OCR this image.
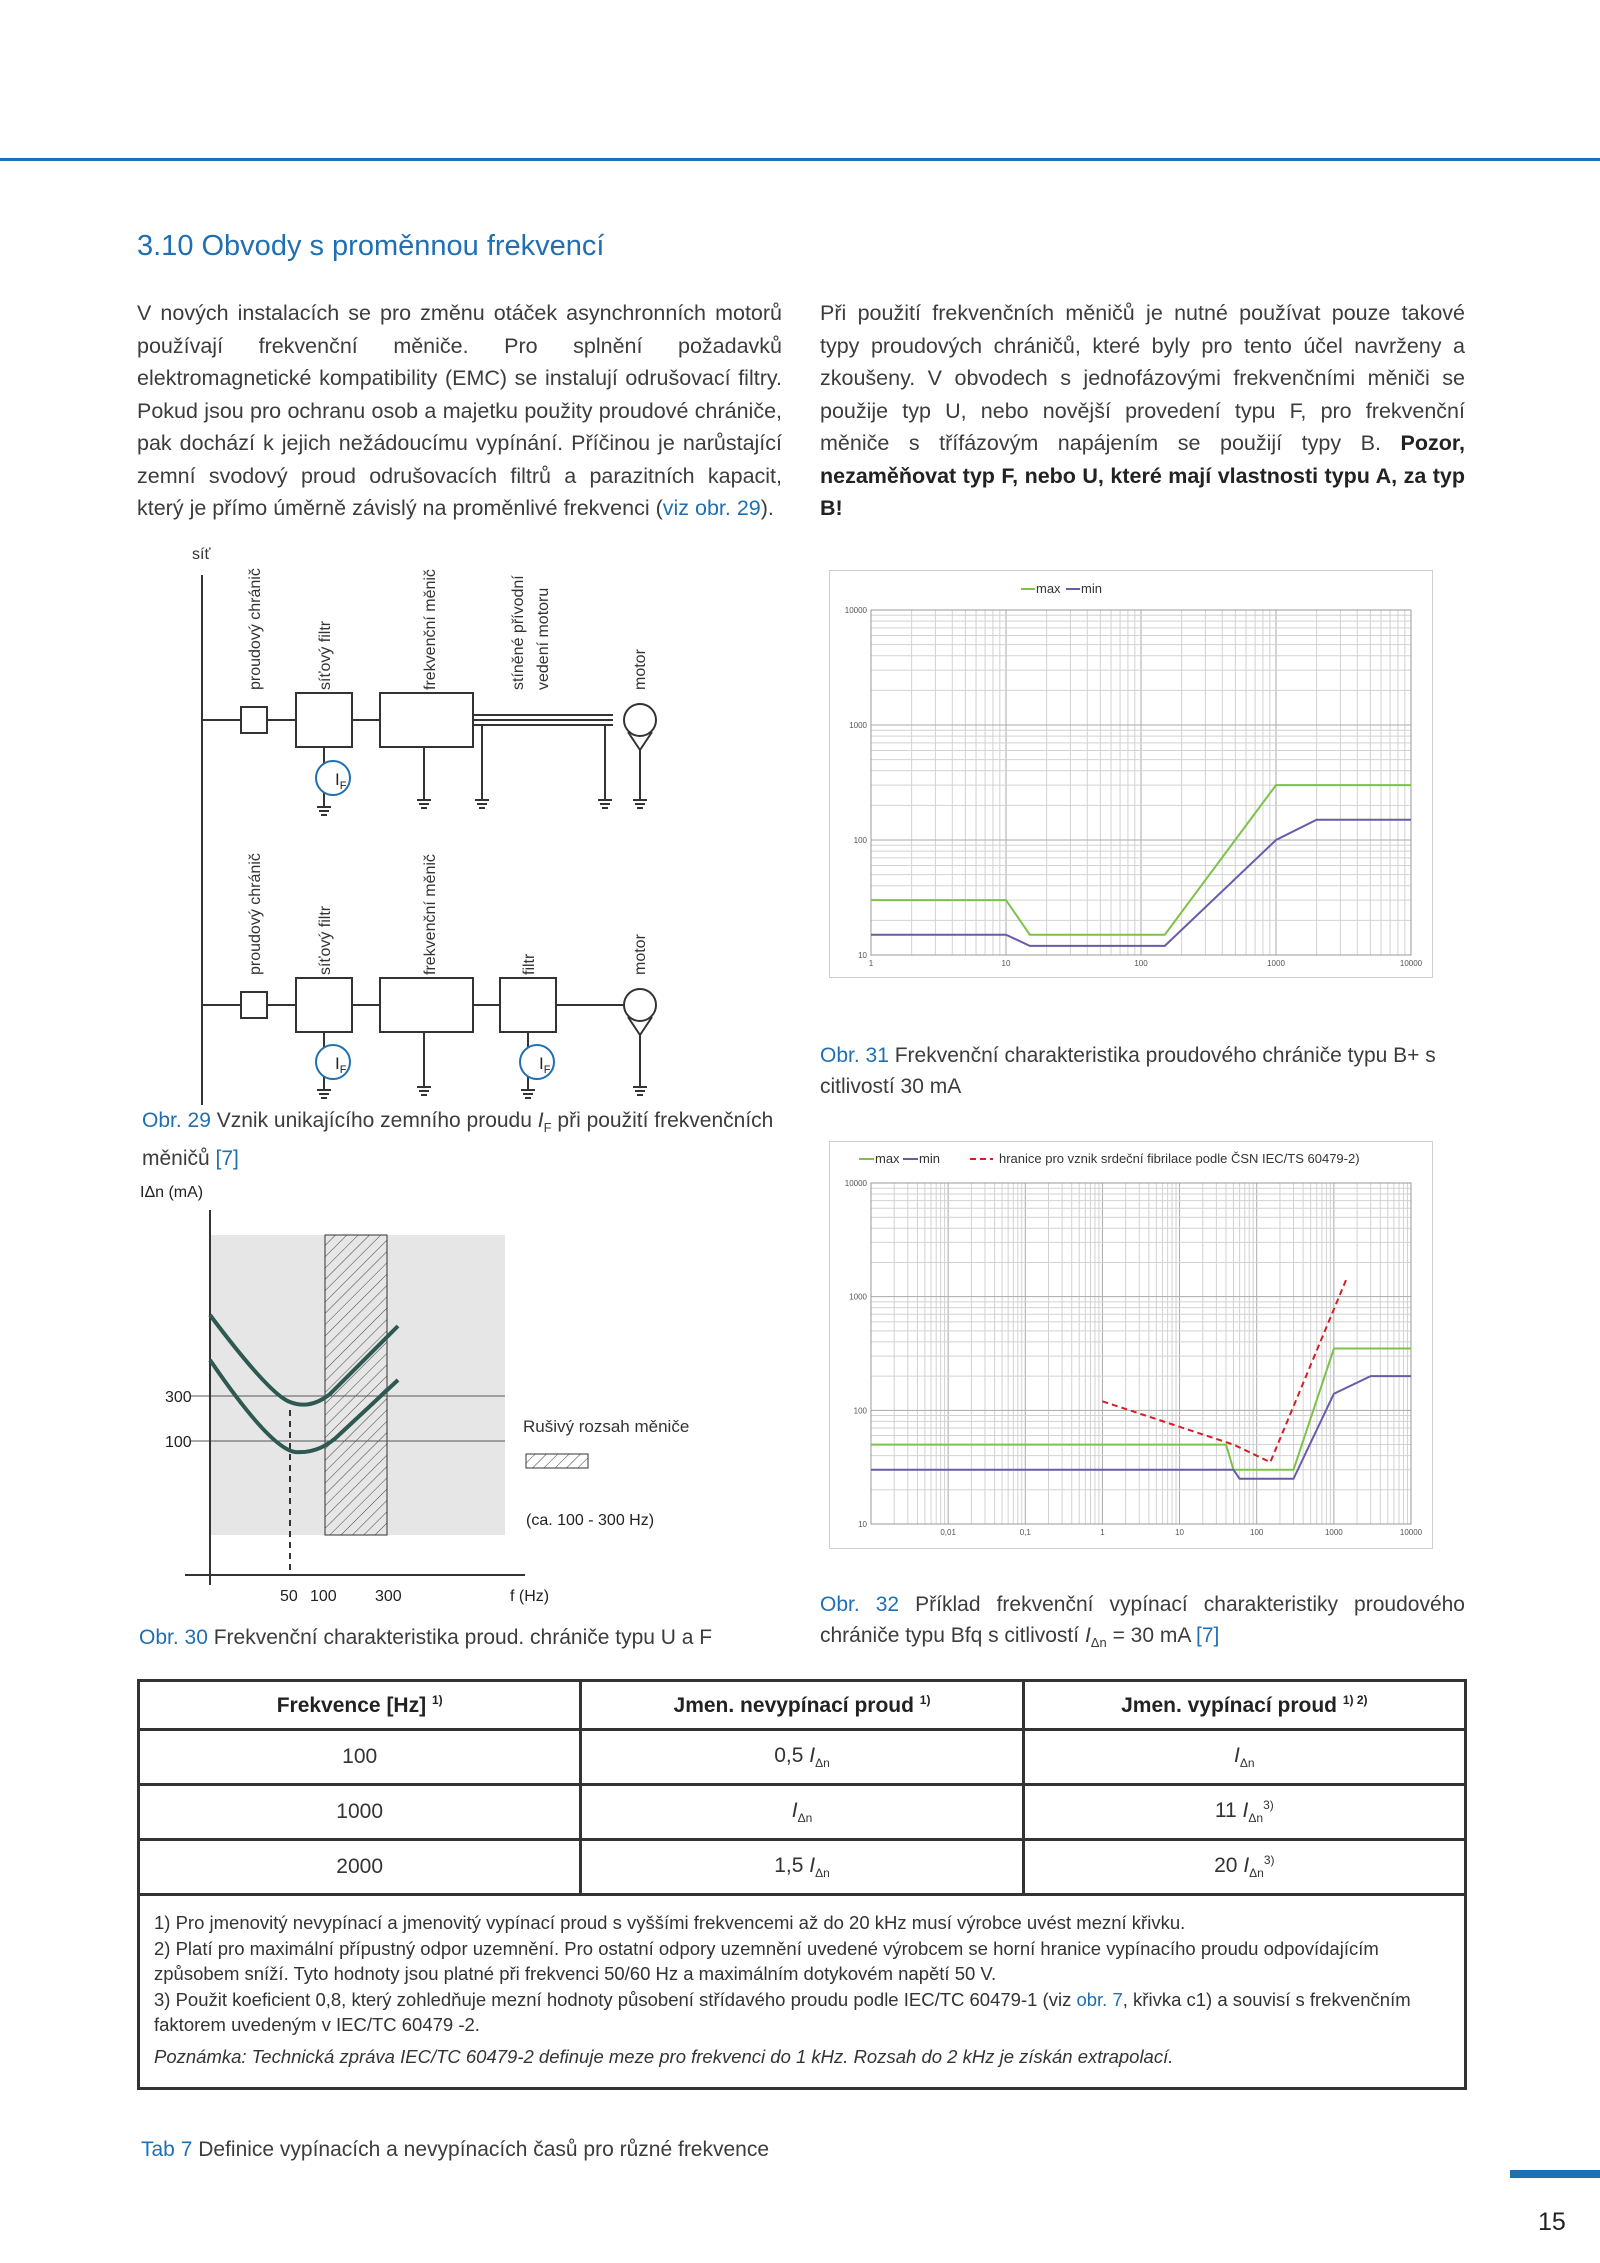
3.10 Obvody s proměnnou frekvencí
V nových instalacích se pro změnu otáček asynchronních motorů používají frekvenční měniče. Pro splnění požadavků elektromagnetické kompatibility (EMC) se instalují odrušovací filtry. Pokud jsou pro ochranu osob a majetku použity proudové chrániče, pak dochází k jejich nežádoucímu vypínání. Příčinou je narůstající zemní svodový proud odrušovacích filtrů a parazitních kapacit, který je přímo úměrně závislý na proměnlivé frekvenci (viz obr. 29).
Při použití frekvenčních měničů je nutné používat pouze takové typy proudových chráničů, které byly pro tento účel navrženy a zkoušeny. V obvodech s jednofázovými frekvenčními měniči se použije typ U, nebo novější provedení typu F, pro frekvenční měniče s třífázovým napájením se použijí typy B. Pozor, nezaměňovat typ F, nebo U, které mají vlastnosti typu A, za typ B!
$I_F$
$I_F$	$I_F$
síť
proudový chránič	síťový filtr	frekvenční měnič	stíněné přívodní vedení motoru	motor
proudový chránič	síťový filtr	frekvenční měnič	filtr	motor
Obr. 29 Vznik unikajícího zemního proudu $I_F$ při použití frekvenčních měničů [7]
IΔn (mA)
300
100
50 100 300	f (Hz)
Rušivý rozsah měniče
(ca. 100 - 300 Hz)
Obr. 30 Frekvenční charakteristika proud. chrániče typu U a F
max min
10000
1000
100
10
1	10	100	1000	10000
Obr. 31 Frekvenční charakteristika proudového chrániče typu B+ s citlivostí 30 mA
max min	hranice pro vznik srdeční fibrilace podle ČSN IEC/TS 60479-2)
10000
1000
100
10
0,01	0,1	1	10	100	1000	10000
Obr. 32 Příklad frekvenční vypínací charakteristiky proudového chrániče typu Bfq s citlivostí $I_{\Delta n} = 30$ mA [7]
Frekvence [Hz] $^{1)}$	Jmen. nevypínací proud $^{1)}$	Jmen. vypínací proud $^{1) 2)}$
100	0,5 $I_{\Delta n}$	$I_{\Delta n}$
1000	$I_{\Delta n}$	11 $I_{\Delta n}^{3)}$
2000	1,5 $I_{\Delta n}$	20 $I_{\Delta n}^{3)}$

1) Pro jmenovitý nevypínací a jmenovitý vypínací proud s vyššími frekvencemi až do 20 kHz musí výrobce uvést mezní křivku.
2) Platí pro maximální přípustný odpor uzemnění. Pro ostatní odpory uzemnění uvedené výrobcem se horní hranice vypínacího proudu odpovídajícím způsobem sníží. Tyto hodnoty jsou platné při frekvenci 50/60 Hz a maximálním dotykovém napětí 50 V.
3) Použit koeficient 0,8, který zohledňuje mezní hodnoty působení střídavého proudu podle IEC/TC 60479-1 (viz obr. 7, křivka c1) a souvisí s frekvenčním faktorem uvedeným v IEC/TC 60479 -2.
Poznámka: Technická zpráva IEC/TC 60479-2 definuje meze pro frekvenci do 1 kHz. Rozsah do 2 kHz je získán extrapolací.		
Tab 7 Definice vypínacích a nevypínacích časů pro různé frekvence
15
